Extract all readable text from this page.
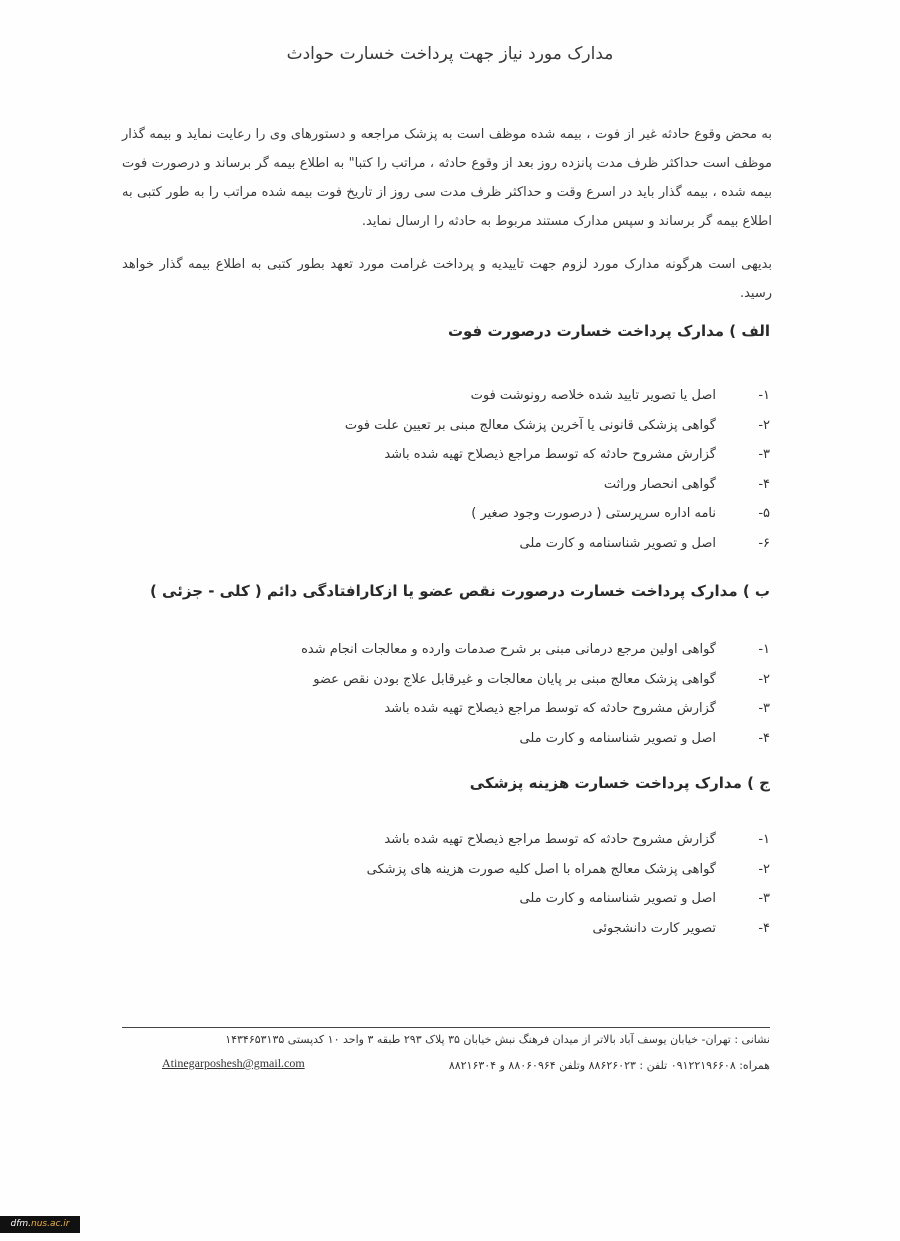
مدارک مورد نیاز جهت پرداخت خسارت حوادث

به محض وقوع حادثه غیر از فوت ، بیمه شده موظف است به پزشک مراجعه و دستورهای وی را رعایت نماید و بیمه گذار موظف است حداکثر ظرف مدت پانزده روز بعد از وقوع حادثه ، مراتب را کتبا" به اطلاع بیمه گر برساند و درصورت فوت بیمه شده ، بیمه گذار باید در اسرع وقت و حداکثر ظرف مدت سی روز از تاریخ فوت بیمه شده مراتب را به طور کتبی به اطلاع بیمه گر برساند و سپس مدارک مستند مربوط به حادثه را ارسال نماید.

بدیهی است هرگونه مدارک مورد لزوم جهت تاییدیه و پرداخت غرامت مورد تعهد بطور کتبی به اطلاع بیمه گذار خواهد رسید.

الف ) مدارک پرداخت خسارت درصورت فوت
۱-اصل یا تصویر تایید شده خلاصه رونوشت فوت
۲-گواهی پزشکی قانونی یا آخرین پزشک معالج مبنی بر تعیین علت فوت
۳-گزارش مشروح حادثه که توسط مراجع ذیصلاح تهیه شده باشد
۴-گواهی انحصار وراثت
۵-نامه اداره سرپرستی ( درصورت وجود صغیر )
۶-اصل و تصویر شناسنامه و کارت ملی
ب ) مدارک پرداخت خسارت درصورت نقص عضو یا ازکارافتادگی دائم ( کلی - جزئی )
۱-گواهی اولین مرجع درمانی مبنی بر شرح صدمات وارده و معالجات انجام شده
۲-گواهی پزشک معالج مبنی بر پایان معالجات و غیرقابل علاج بودن نقص عضو
۳-گزارش مشروح حادثه که توسط مراجع ذیصلاح تهیه شده باشد
۴-اصل و تصویر شناسنامه و کارت ملی
ج ) مدارک پرداخت خسارت هزینه پزشکی
۱-گزارش مشروح حادثه که توسط مراجع ذیصلاح تهیه شده باشد
۲-گواهی پزشک معالج همراه با اصل کلیه صورت هزینه های پزشکی
۳-اصل و تصویر شناسنامه و کارت ملی
۴-تصویر کارت دانشجوئی

نشانی : تهران- خیابان یوسف آباد بالاتر از میدان فرهنگ نبش خیابان ۳۵ پلاک ۲۹۳ طبقه ۳ واحد ۱۰ کدپستی ۱۴۳۴۶۵۳۱۳۵

همراه: ۰۹۱۲۲۱۹۶۶۰۸ تلفن : ۸۸۶۲۶۰۲۳ وتلفن ۸۸۰۶۰۹۶۴ و ۸۸۲۱۶۳۰۴

Atinegarposhesh@gmail.com
dfm.nus.ac.ir
